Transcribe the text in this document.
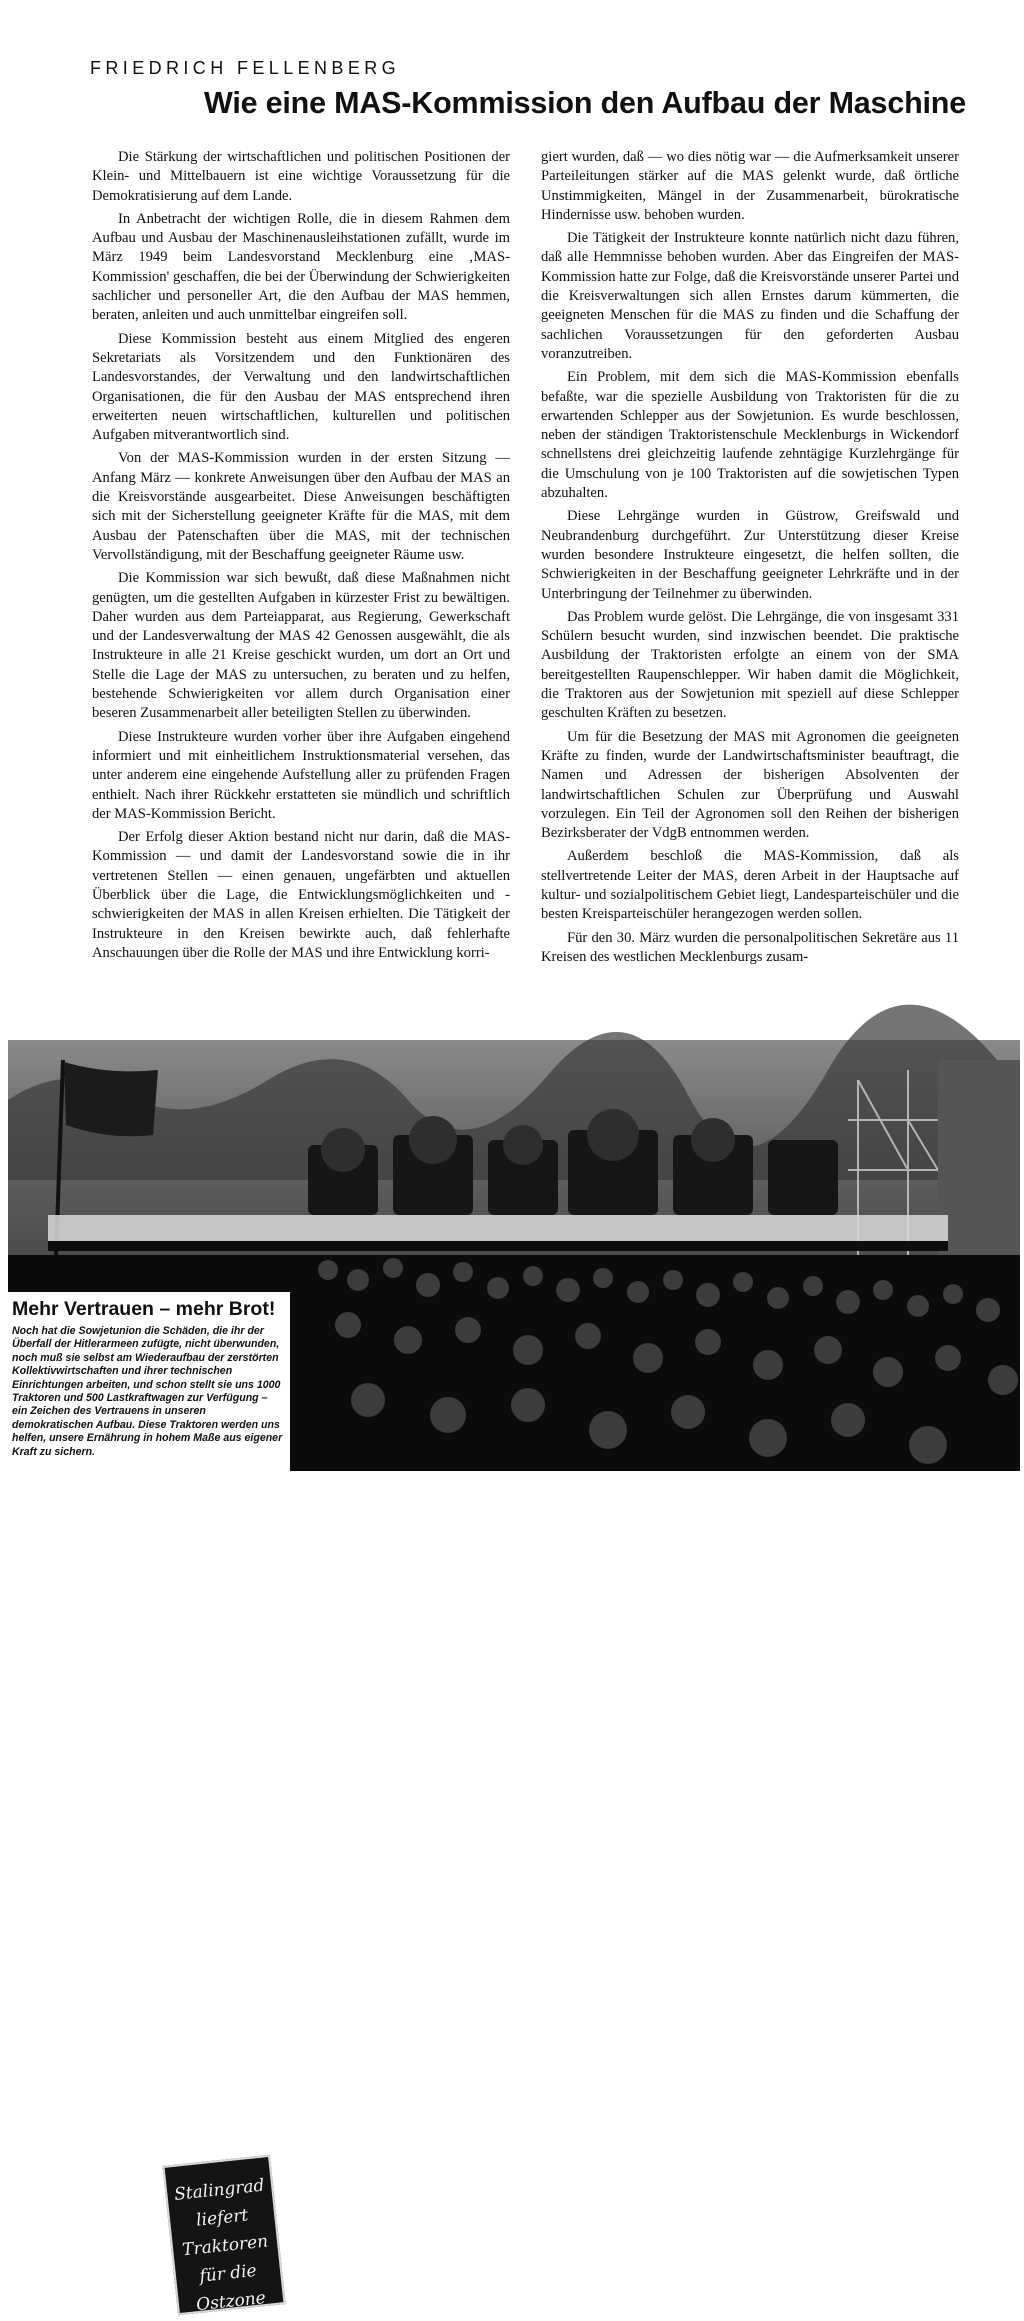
FRIEDRICH FELLENBERG
Wie eine MAS-Kommission den Aufbau der Maschine

Die Stärkung der wirtschaftlichen und politischen Positionen der Klein- und Mittelbauern ist eine wichtige Voraussetzung für die Demokratisierung auf dem Lande.

In Anbetracht der wichtigen Rolle, die in diesem Rahmen dem Aufbau und Ausbau der Maschinenausleihstationen zufällt, wurde im März 1949 beim Landesvorstand Mecklenburg eine ‚MAS-Kommission' geschaffen, die bei der Überwindung der Schwierigkeiten sachlicher und personeller Art, die den Aufbau der MAS hemmen, beraten, anleiten und auch unmittelbar eingreifen soll.

Diese Kommission besteht aus einem Mitglied des engeren Sekretariats als Vorsitzendem und den Funktionären des Landesvorstandes, der Verwaltung und den landwirtschaftlichen Organisationen, die für den Ausbau der MAS entsprechend ihren erweiterten neuen wirtschaftlichen, kulturellen und politischen Aufgaben mitverantwortlich sind.

Von der MAS-Kommission wurden in der ersten Sitzung — Anfang März — konkrete Anweisungen über den Aufbau der MAS an die Kreisvorstände ausgearbeitet. Diese Anweisungen beschäftigten sich mit der Sicherstellung geeigneter Kräfte für die MAS, mit dem Ausbau der Patenschaften über die MAS, mit der technischen Vervollständigung, mit der Beschaffung geeigneter Räume usw.

Die Kommission war sich bewußt, daß diese Maßnahmen nicht genügten, um die gestellten Aufgaben in kürzester Frist zu bewältigen. Daher wurden aus dem Parteiapparat, aus Regierung, Gewerkschaft und der Landesverwaltung der MAS 42 Genossen ausgewählt, die als Instrukteure in alle 21 Kreise geschickt wurden, um dort an Ort und Stelle die Lage der MAS zu untersuchen, zu beraten und zu helfen, bestehende Schwierigkeiten vor allem durch Organisation einer beseren Zusammenarbeit aller beteiligten Stellen zu überwinden.

Diese Instrukteure wurden vorher über ihre Aufgaben eingehend informiert und mit einheitlichem Instruktionsmaterial versehen, das unter anderem eine eingehende Aufstellung aller zu prüfenden Fragen enthielt. Nach ihrer Rückkehr erstatteten sie mündlich und schriftlich der MAS-Kommission Bericht.

Der Erfolg dieser Aktion bestand nicht nur darin, daß die MAS-Kommission — und damit der Landesvorstand sowie die in ihr vertretenen Stellen — einen genauen, ungefärbten und aktuellen Überblick über die Lage, die Entwicklungsmöglichkeiten und -schwierigkeiten der MAS in allen Kreisen erhielten. Die Tätigkeit der Instrukteure in den Kreisen bewirkte auch, daß fehlerhafte Anschauungen über die Rolle der MAS und ihre Entwicklung korri-

giert wurden, daß — wo dies nötig war — die Aufmerksamkeit unserer Parteileitungen stärker auf die MAS gelenkt wurde, daß örtliche Unstimmigkeiten, Mängel in der Zusammenarbeit, bürokratische Hindernisse usw. behoben wurden.

Die Tätigkeit der Instrukteure konnte natürlich nicht dazu führen, daß alle Hemmnisse behoben wurden. Aber das Eingreifen der MAS-Kommission hatte zur Folge, daß die Kreisvorstände unserer Partei und die Kreisverwaltungen sich allen Ernstes darum kümmerten, die geeigneten Menschen für die MAS zu finden und die Schaffung der sachlichen Voraussetzungen für den geforderten Ausbau voranzutreiben.

Ein Problem, mit dem sich die MAS-Kommission ebenfalls befaßte, war die spezielle Ausbildung von Traktoristen für die zu erwartenden Schlepper aus der Sowjetunion. Es wurde beschlossen, neben der ständigen Traktoristenschule Mecklenburgs in Wickendorf schnellstens drei gleichzeitig laufende zehntägige Kurzlehrgänge für die Umschulung von je 100 Traktoristen auf die sowjetischen Typen abzuhalten.

Diese Lehrgänge wurden in Güstrow, Greifswald und Neubrandenburg durchgeführt. Zur Unterstützung dieser Kreise wurden besondere Instrukteure eingesetzt, die helfen sollten, die Schwierigkeiten in der Beschaffung geeigneter Lehrkräfte und in der Unterbringung der Teilnehmer zu überwinden.

Das Problem wurde gelöst. Die Lehrgänge, die von insgesamt 331 Schülern besucht wurden, sind inzwischen beendet. Die praktische Ausbildung der Traktoristen erfolgte an einem von der SMA bereitgestellten Raupenschlepper. Wir haben damit die Möglichkeit, die Traktoren aus der Sowjetunion mit speziell auf diese Schlepper geschulten Kräften zu besetzen.

Um für die Besetzung der MAS mit Agronomen die geeigneten Kräfte zu finden, wurde der Landwirtschaftsminister beauftragt, die Namen und Adressen der bisherigen Absolventen der landwirtschaftlichen Schulen zur Überprüfung und Auswahl vorzulegen. Ein Teil der Agronomen soll den Reihen der bisherigen Bezirksberater der VdgB entnommen werden.

Außerdem beschloß die MAS-Kommission, daß als stellvertretende Leiter der MAS, deren Arbeit in der Hauptsache auf kultur- und sozialpolitischem Gebiet liegt, Landesparteischüler und die besten Kreisparteischüler herangezogen werden sollen.

Für den 30. März wurden die personalpolitischen Sekretäre aus 11 Kreisen des westlichen Mecklenburgs zusam-

Stalingrad liefert
Traktoren
für die Ostzone
Mehr Vertrauen – mehr Brot!
Noch hat die Sowjetunion die Schäden, die ihr der Überfall der Hitlerarmeen zufügte, nicht überwunden, noch muß sie selbst am Wiederaufbau der zerstörten Kollektivwirtschaften und ihrer technischen Einrichtungen arbeiten, und schon stellt sie uns 1000 Traktoren und 500 Lastkraftwagen zur Verfügung – ein Zeichen des Vertrauens in unseren demokratischen Aufbau. Diese Traktoren werden uns helfen, unsere Ernährung in hohem Maße aus eigener Kraft zu sichern.
